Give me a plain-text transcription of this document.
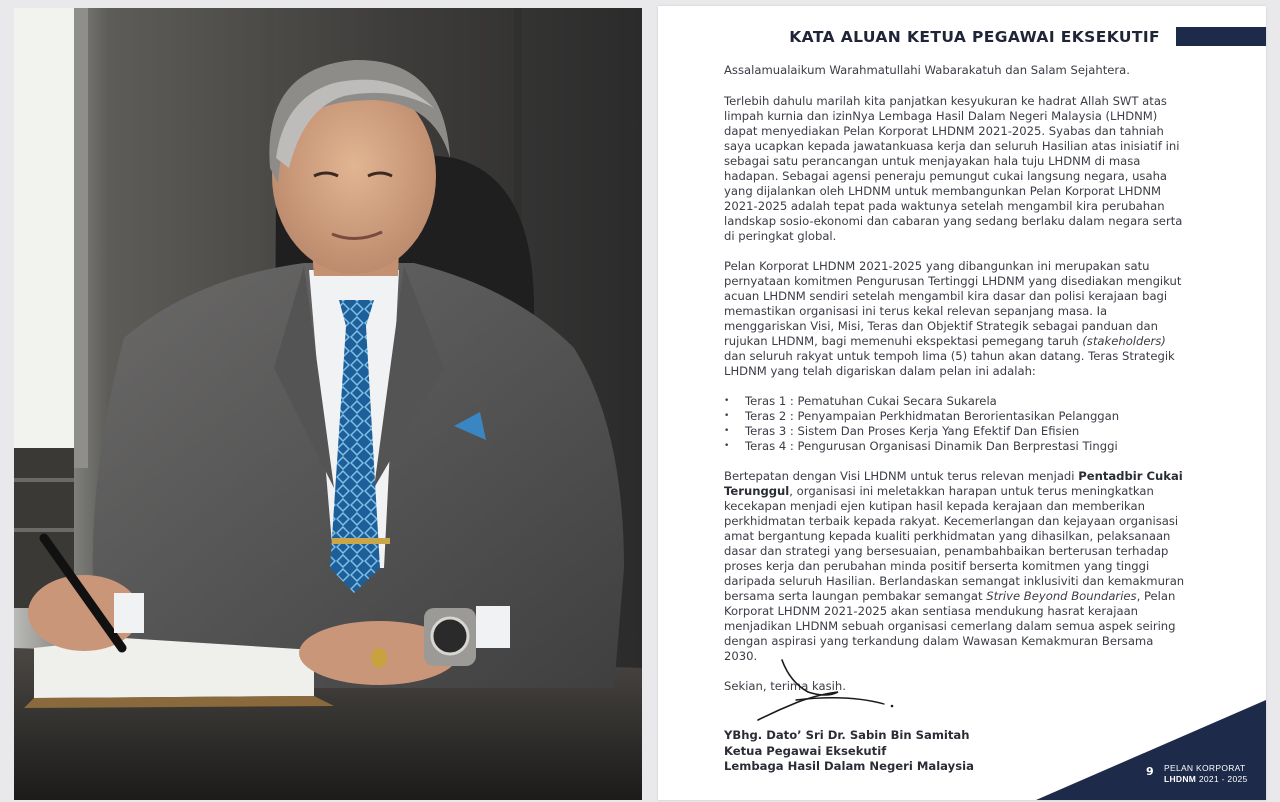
KATA ALUAN KETUA PEGAWAI EKSEKUTIF

Assalamualaikum Warahmatullahi Wabarakatuh dan Salam Sejahtera.

Terlebih dahulu marilah kita panjatkan kesyukuran ke hadrat Allah SWT atas limpah kurnia dan izinNya Lembaga Hasil Dalam Negeri Malaysia (LHDNM) dapat menyediakan Pelan Korporat LHDNM 2021-2025. Syabas dan tahniah saya ucapkan kepada jawatankuasa kerja dan seluruh Hasilian atas inisiatif ini sebagai satu perancangan untuk menjayakan hala tuju LHDNM di masa hadapan. Sebagai agensi peneraju pemungut cukai langsung negara, usaha yang dijalankan oleh LHDNM untuk membangunkan Pelan Korporat LHDNM 2021-2025 adalah tepat pada waktunya setelah mengambil kira perubahan landskap sosio-ekonomi dan cabaran yang sedang berlaku dalam negara serta di peringkat global.

Pelan Korporat LHDNM 2021-2025 yang dibangunkan ini merupakan satu pernyataan komitmen Pengurusan Tertinggi LHDNM yang disediakan mengikut acuan LHDNM sendiri setelah mengambil kira dasar dan polisi kerajaan bagi memastikan organisasi ini terus kekal relevan sepanjang masa. Ia menggariskan Visi, Misi, Teras dan Objektif Strategik sebagai panduan dan rujukan LHDNM, bagi memenuhi ekspektasi pemegang taruh (stakeholders) dan seluruh rakyat untuk tempoh lima (5) tahun akan datang. Teras Strategik LHDNM yang telah digariskan dalam pelan ini adalah:

• Teras 1 : Pematuhan Cukai Secara Sukarela
• Teras 2 : Penyampaian Perkhidmatan Berorientasikan Pelanggan
• Teras 3 : Sistem Dan Proses Kerja Yang Efektif Dan Efisien
• Teras 4 : Pengurusan Organisasi Dinamik Dan Berprestasi Tinggi

Bertepatan dengan Visi LHDNM untuk terus relevan menjadi Pentadbir Cukai Terunggul, organisasi ini meletakkan harapan untuk terus meningkatkan kecekapan menjadi ejen kutipan hasil kepada kerajaan dan memberikan perkhidmatan terbaik kepada rakyat. Kecemerlangan dan kejayaan organisasi amat bergantung kepada kualiti perkhidmatan yang dihasilkan, pelaksanaan dasar dan strategi yang bersesuaian, penambahbaikan berterusan terhadap proses kerja dan perubahan minda positif berserta komitmen yang tinggi daripada seluruh Hasilian. Berlandaskan semangat inklusiviti dan kemakmuran bersama serta laungan pembakar semangat Strive Beyond Boundaries, Pelan Korporat LHDNM 2021-2025 akan sentiasa mendukung hasrat kerajaan menjadikan LHDNM sebuah organisasi cemerlang dalam semua aspek seiring dengan aspirasi yang terkandung dalam Wawasan Kemakmuran Bersama 2030.

Sekian, terima kasih.

YBhg. Dato’ Sri Dr. Sabin Bin Samitah
Ketua Pegawai Eksekutif
Lembaga Hasil Dalam Negeri Malaysia	9 PELAN KORPORAT
LHDNM 2021 - 2025
